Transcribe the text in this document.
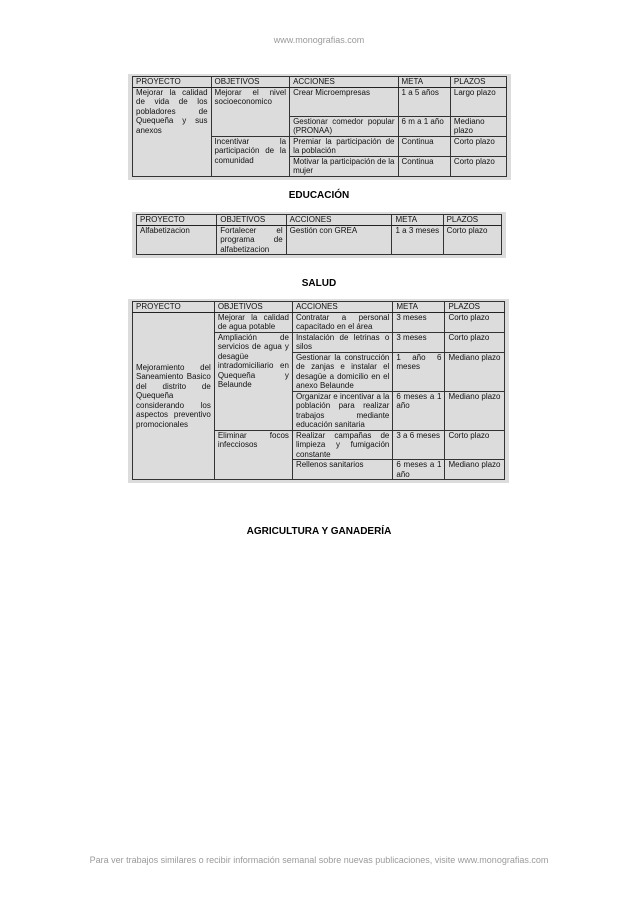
www.monografias.com
PROYECTO	OBJETIVOS	ACCIONES	META	PLAZOS
Mejorar la calidad de vida de los pobladores de Quequeña y sus anexos	Mejorar el nivel socioeconomico	Crear Microempresas	1 a 5 años	Largo plazo
		Gestionar comedor popular (PRONAA)	6 m a 1 año	Mediano plazo
	Incentivar la participación de la comunidad	Premiar la participación de la población	Continua	Corto plazo
		Motivar la participación de la mujer	Continua	Corto plazo
EDUCACIÓN
PROYECTO	OBJETIVOS	ACCIONES	META	PLAZOS
Alfabetizacion	Fortalecer el programa de alfabetizacion	Gestión con GREA	1 a 3 meses	Corto plazo
SALUD
PROYECTO	OBJETIVOS	ACCIONES	META	PLAZOS
Mejoramiento del Saneamiento Basico del distrito de Quequeña considerando los aspectos preventivo promocionales	Mejorar la calidad de agua potable	Contratar a personal capacitado en el área	3 meses	Corto plazo
	Ampliación de servicios de agua y desagüe intradomiciliario en Quequeña y Belaunde	Instalación de letrinas o silos	3 meses	Corto plazo
		Gestionar la construcción de zanjas e instalar el desagüe a domicilio en el anexo Belaunde	1 año 6 meses	Mediano plazo
		Organizar e incentivar a la población para realizar trabajos mediante educación sanitaria	6 meses a 1 año	Mediano plazo
	Eliminar focos infecciosos	Realizar campañas de limpieza y fumigación constante	3 a 6 meses	Corto plazo
		Rellenos sanitarios	6 meses a 1 año	Mediano plazo
AGRICULTURA Y GANADERÍA
Para ver trabajos similares o recibir información semanal sobre nuevas publicaciones, visite www.monografias.com
